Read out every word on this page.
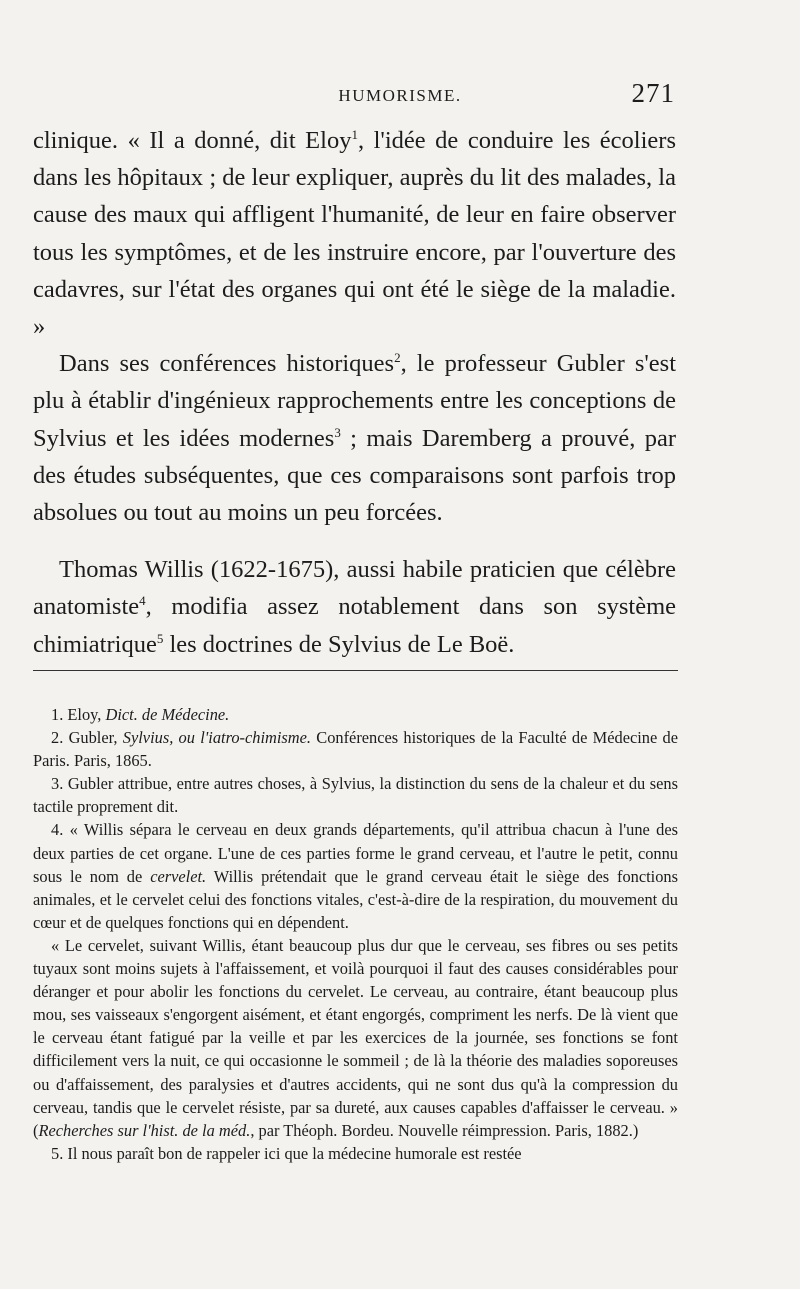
HUMORISME.	271

clinique. « Il a donné, dit Eloy$^1$, l'idée de conduire les écoliers dans les hôpitaux ; de leur expliquer, auprès du lit des malades, la cause des maux qui affligent l'humanité, de leur en faire observer tous les symptômes, et de les instruire encore, par l'ouverture des cadavres, sur l'état des organes qui ont été le siège de la maladie. »

Dans ses conférences historiques$^2$, le professeur Gubler s'est plu à établir d'ingénieux rapprochements entre les conceptions de Sylvius et les idées modernes$^3$ ; mais Daremberg a prouvé, par des études subséquentes, que ces comparaisons sont parfois trop absolues ou tout au moins un peu forcées.

Thomas Willis (1622-1675), aussi habile praticien que célèbre anatomiste$^4$, modifia assez notablement dans son système chimiatrique$^5$ les doctrines de Sylvius de Le Boë.

1. Eloy, Dict. de Médecine.

2. Gubler, Sylvius, ou l'iatro-chimisme. Conférences historiques de la Faculté de Médecine de Paris. Paris, 1865.

3. Gubler attribue, entre autres choses, à Sylvius, la distinction du sens de la chaleur et du sens tactile proprement dit.

4. « Willis sépara le cerveau en deux grands départements, qu'il attribua chacun à l'une des deux parties de cet organe. L'une de ces parties forme le grand cerveau, et l'autre le petit, connu sous le nom de cervelet. Willis prétendait que le grand cerveau était le siège des fonctions animales, et le cervelet celui des fonctions vitales, c'est-à-dire de la respiration, du mouvement du cœur et de quelques fonctions qui en dépendent.

« Le cervelet, suivant Willis, étant beaucoup plus dur que le cerveau, ses fibres ou ses petits tuyaux sont moins sujets à l'affaissement, et voilà pourquoi il faut des causes considérables pour déranger et pour abolir les fonctions du cervelet. Le cerveau, au contraire, étant beaucoup plus mou, ses vaisseaux s'engorgent aisément, et étant engorgés, compriment les nerfs. De là vient que le cerveau étant fatigué par la veille et par les exercices de la journée, ses fonctions se font difficilement vers la nuit, ce qui occasionne le sommeil ; de là la théorie des maladies soporeuses ou d'affaissement, des paralysies et d'autres accidents, qui ne sont dus qu'à la compression du cerveau, tandis que le cervelet résiste, par sa dureté, aux causes capables d'affaisser le cerveau. » (Recherches sur l'hist. de la méd., par Théoph. Bordeu. Nouvelle réimpression. Paris, 1882.)

5. Il nous paraît bon de rappeler ici que la médecine humorale est restée
